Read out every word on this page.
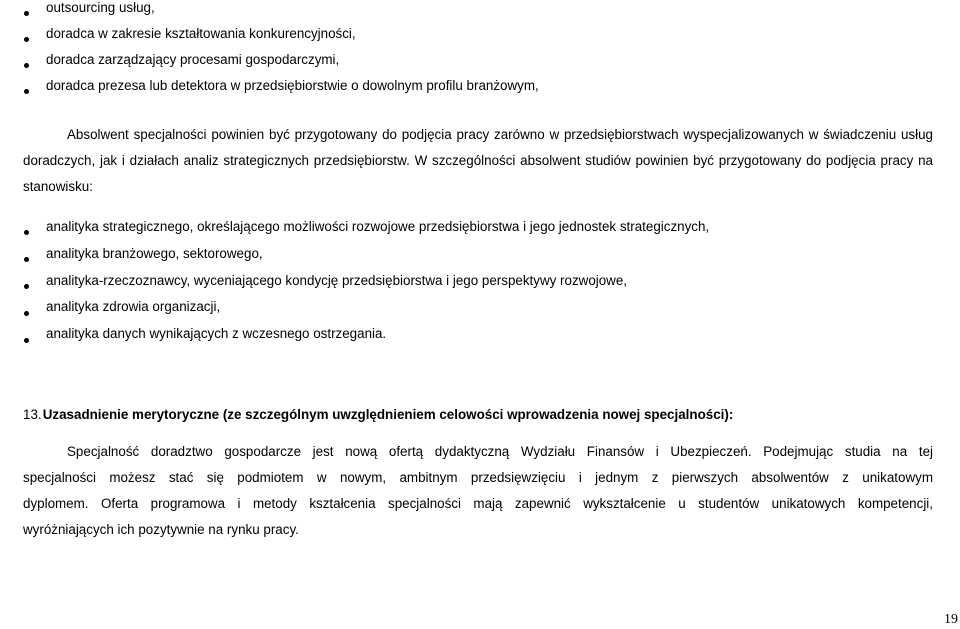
outsourcing usług,
doradca w zakresie kształtowania konkurencyjności,
doradca zarządzający procesami gospodarczymi,
doradca prezesa lub detektora w przedsiębiorstwie o dowolnym profilu branżowym,
Absolwent specjalności powinien być przygotowany do podjęcia pracy zarówno w przedsiębiorstwach wyspecjalizowanych w świadczeniu usług doradczych, jak i działach analiz strategicznych przedsiębiorstw. W szczególności absolwent studiów powinien być przygotowany do podjęcia pracy na stanowisku:
analityka strategicznego, określającego możliwości rozwojowe przedsiębiorstwa i jego jednostek strategicznych,
analityka branżowego, sektorowego,
analityka-rzeczoznawcy, wyceniającego kondycję przedsiębiorstwa i jego perspektywy rozwojowe,
analityka zdrowia organizacji,
analityka danych wynikających z wczesnego ostrzegania.
13. Uzasadnienie merytoryczne (ze szczególnym uwzględnieniem celowości wprowadzenia nowej specjalności):
Specjalność doradztwo gospodarcze jest nową ofertą dydaktyczną Wydziału Finansów i Ubezpieczeń. Podejmując studia na tej
specjalności możesz stać się podmiotem w nowym, ambitnym przedsięwzięciu i jednym z pierwszych absolwentów z unikatowym
dyplomem. Oferta programowa i metody kształcenia specjalności mają zapewnić wykształcenie u studentów unikatowych kompetencji,
wyróżniających ich pozytywnie na rynku pracy.
19
